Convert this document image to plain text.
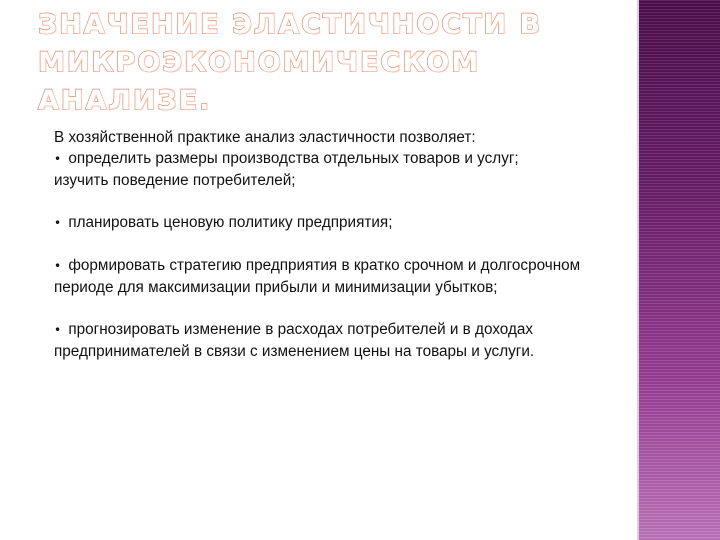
ЗНАЧЕНИЕ ЭЛАСТИЧНОСТИ В
МИКРОЭКОНОМИЧЕСКОМ АНАЛИЗЕ.

В хозяйственной практике анализ эластичности позволяет:

• определить размеры производства отдельных товаров и услуг;

изучить поведение потребителей;

• планировать ценовую политику предприятия;

• формировать стратегию предприятия в кратко срочном и долгосрочном

периоде для максимизации прибыли и минимизации убытков;

• прогнозировать изменение в расходах потребителей и в доходах

предпринимателей в связи с изменением цены на товары и услуги.
